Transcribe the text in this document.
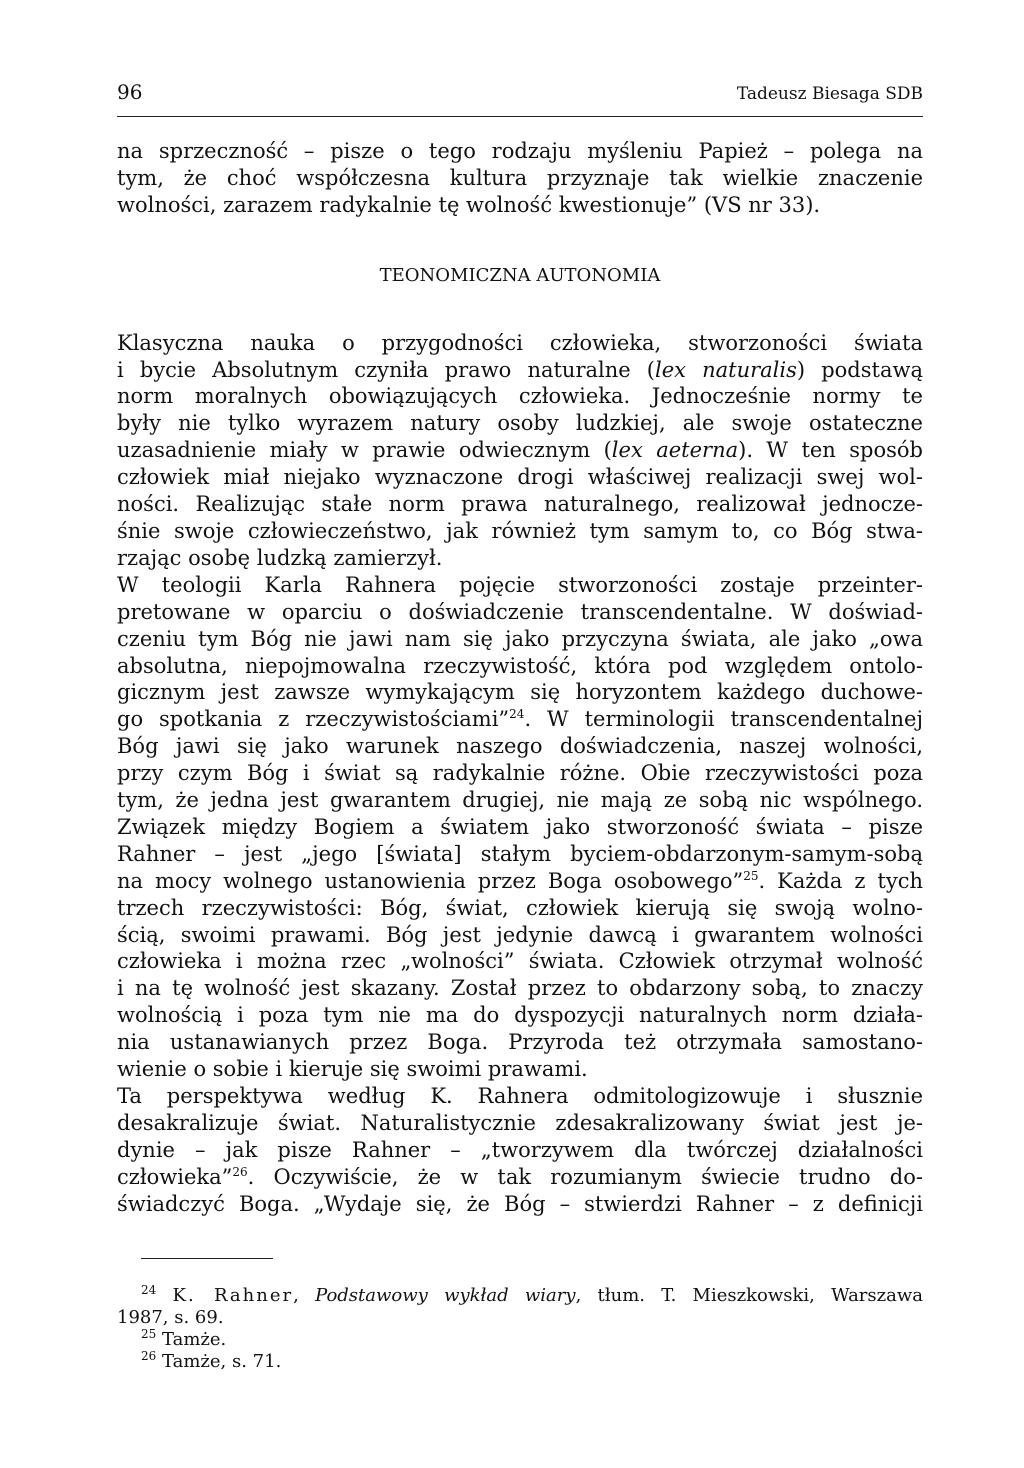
96	Tadeusz Biesaga SDB
na sprzeczność – pisze o tego rodzaju myśleniu Papież – polega na
tym, że choć współczesna kultura przyznaje tak wielkie znaczenie
wolności, zarazem radykalnie tę wolność kwestionuje” (VS nr 33).
TEONOMICZNA AUTONOMIA
Klasyczna nauka o przygodności człowieka, stworzoności świata
i bycie Absolutnym czyniła prawo naturalne (lex naturalis) podstawą
norm moralnych obowiązujących człowieka. Jednocześnie normy te
były nie tylko wyrazem natury osoby ludzkiej, ale swoje ostateczne
uzasadnienie miały w prawie odwiecznym (lex aeterna). W ten sposób
człowiek miał niejako wyznaczone drogi właściwej realizacji swej wol-
ności. Realizując stałe norm prawa naturalnego, realizował jednocze-
śnie swoje człowieczeństwo, jak również tym samym to, co Bóg stwa-
rzając osobę ludzką zamierzył.
W teologii Karla Rahnera pojęcie stworzoności zostaje przeinter-
pretowane w oparciu o doświadczenie transcendentalne. W doświad-
czeniu tym Bóg nie jawi nam się jako przyczyna świata, ale jako „owa
absolutna, niepojmowalna rzeczywistość, która pod względem ontolo-
gicznym jest zawsze wymykającym się horyzontem każdego duchowe-
go spotkania z rzeczywistościami”$^{24}$. W terminologii transcendentalnej
Bóg jawi się jako warunek naszego doświadczenia, naszej wolności,
przy czym Bóg i świat są radykalnie różne. Obie rzeczywistości poza
tym, że jedna jest gwarantem drugiej, nie mają ze sobą nic wspólnego.
Związek między Bogiem a światem jako stworzoność świata – pisze
Rahner – jest „jego [świata] stałym byciem-obdarzonym-samym-sobą
na mocy wolnego ustanowienia przez Boga osobowego”$^{25}$. Każda z tych
trzech rzeczywistości: Bóg, świat, człowiek kierują się swoją wolno-
ścią, swoimi prawami. Bóg jest jedynie dawcą i gwarantem wolności
człowieka i można rzec „wolności” świata. Człowiek otrzymał wolność
i na tę wolność jest skazany. Został przez to obdarzony sobą, to znaczy
wolnością i poza tym nie ma do dyspozycji naturalnych norm działa-
nia ustanawianych przez Boga. Przyroda też otrzymała samostano-
wienie o sobie i kieruje się swoimi prawami.
Ta perspektywa według K. Rahnera odmitologizowuje i słusznie
desakralizuje świat. Naturalistycznie zdesakralizowany świat jest je-
dynie – jak pisze Rahner – „tworzywem dla twórczej działalności
człowieka”$^{26}$. Oczywiście, że w tak rozumianym świecie trudno do-
świadczyć Boga. „Wydaje się, że Bóg – stwierdzi Rahner – z definicji
$^{24}$ K. Rahner, Podstawowy wykład wiary, tłum. T. Mieszkowski, Warszawa
1987, s. 69.
$^{25}$ Tamże.
$^{26}$ Tamże, s. 71.
